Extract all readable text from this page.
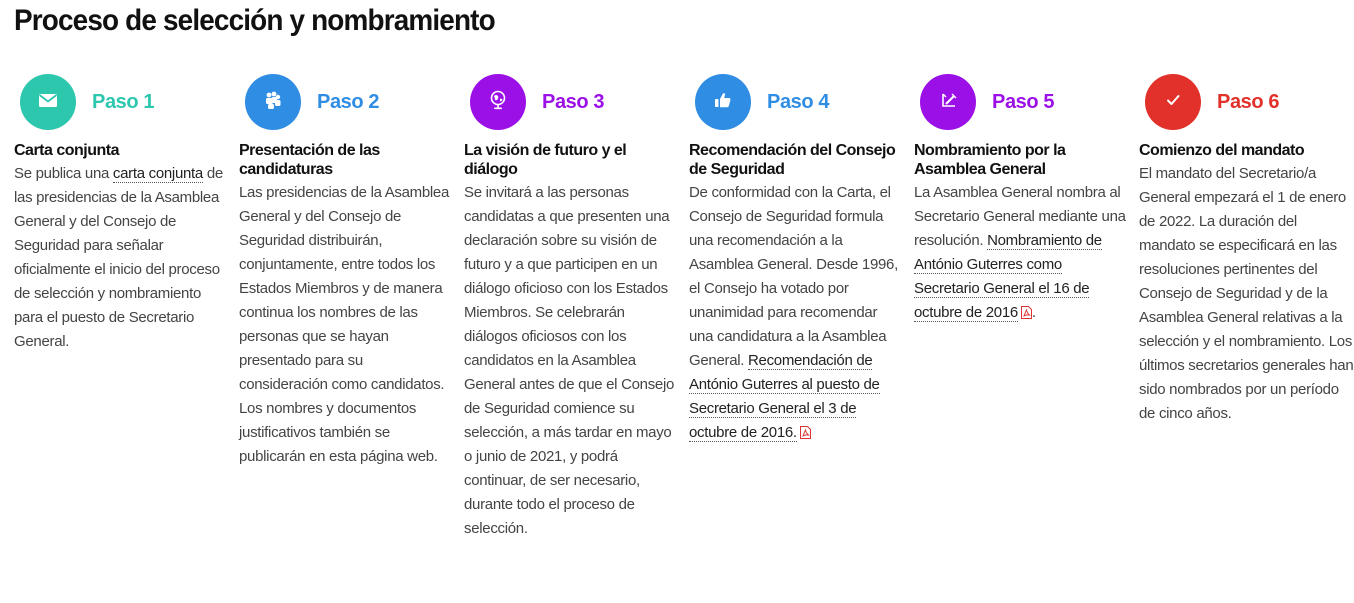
Proceso de selección y nombramiento
Paso 1
Carta conjunta
Se publica una carta conjunta de las presidencias de la Asamblea General y del Consejo de Seguridad para señalar oficialmente el inicio del proceso de selección y nombramiento para el puesto de Secretario General.
Paso 2
Presentación de las candidaturas
Las presidencias de la Asamblea General y del Consejo de Seguridad distribuirán, conjuntamente, entre todos los Estados Miembros y de manera continua los nombres de las personas que se hayan presentado para su consideración como candidatos. Los nombres y documentos justificativos también se publicarán en esta página web.
Paso 3
La visión de futuro y el diálogo
Se invitará a las personas candidatas a que presenten una declaración sobre su visión de futuro y a que participen en un diálogo oficioso con los Estados Miembros. Se celebrarán diálogos oficiosos con los candidatos en la Asamblea General antes de que el Consejo de Seguridad comience su selección, a más tardar en mayo o junio de 2021, y podrá continuar, de ser necesario, durante todo el proceso de selección.
Paso 4
Recomendación del Consejo de Seguridad
De conformidad con la Carta, el Consejo de Seguridad formula una recomendación a la Asamblea General. Desde 1996, el Consejo ha votado por unanimidad para recomendar una candidatura a la Asamblea General. Recomendación de António Guterres al puesto de Secretario General el 3 de octubre de 2016.
Paso 5
Nombramiento por la Asamblea General
La Asamblea General nombra al Secretario General mediante una resolución. Nombramiento de António Guterres como Secretario General el 16 de octubre de 2016 .
Paso 6
Comienzo del mandato
El mandato del Secretario/a General empezará el 1 de enero de 2022. La duración del mandato se especificará en las resoluciones pertinentes del Consejo de Seguridad y de la Asamblea General relativas a la selección y el nombramiento. Los últimos secretarios generales han sido nombrados por un período de cinco años.
